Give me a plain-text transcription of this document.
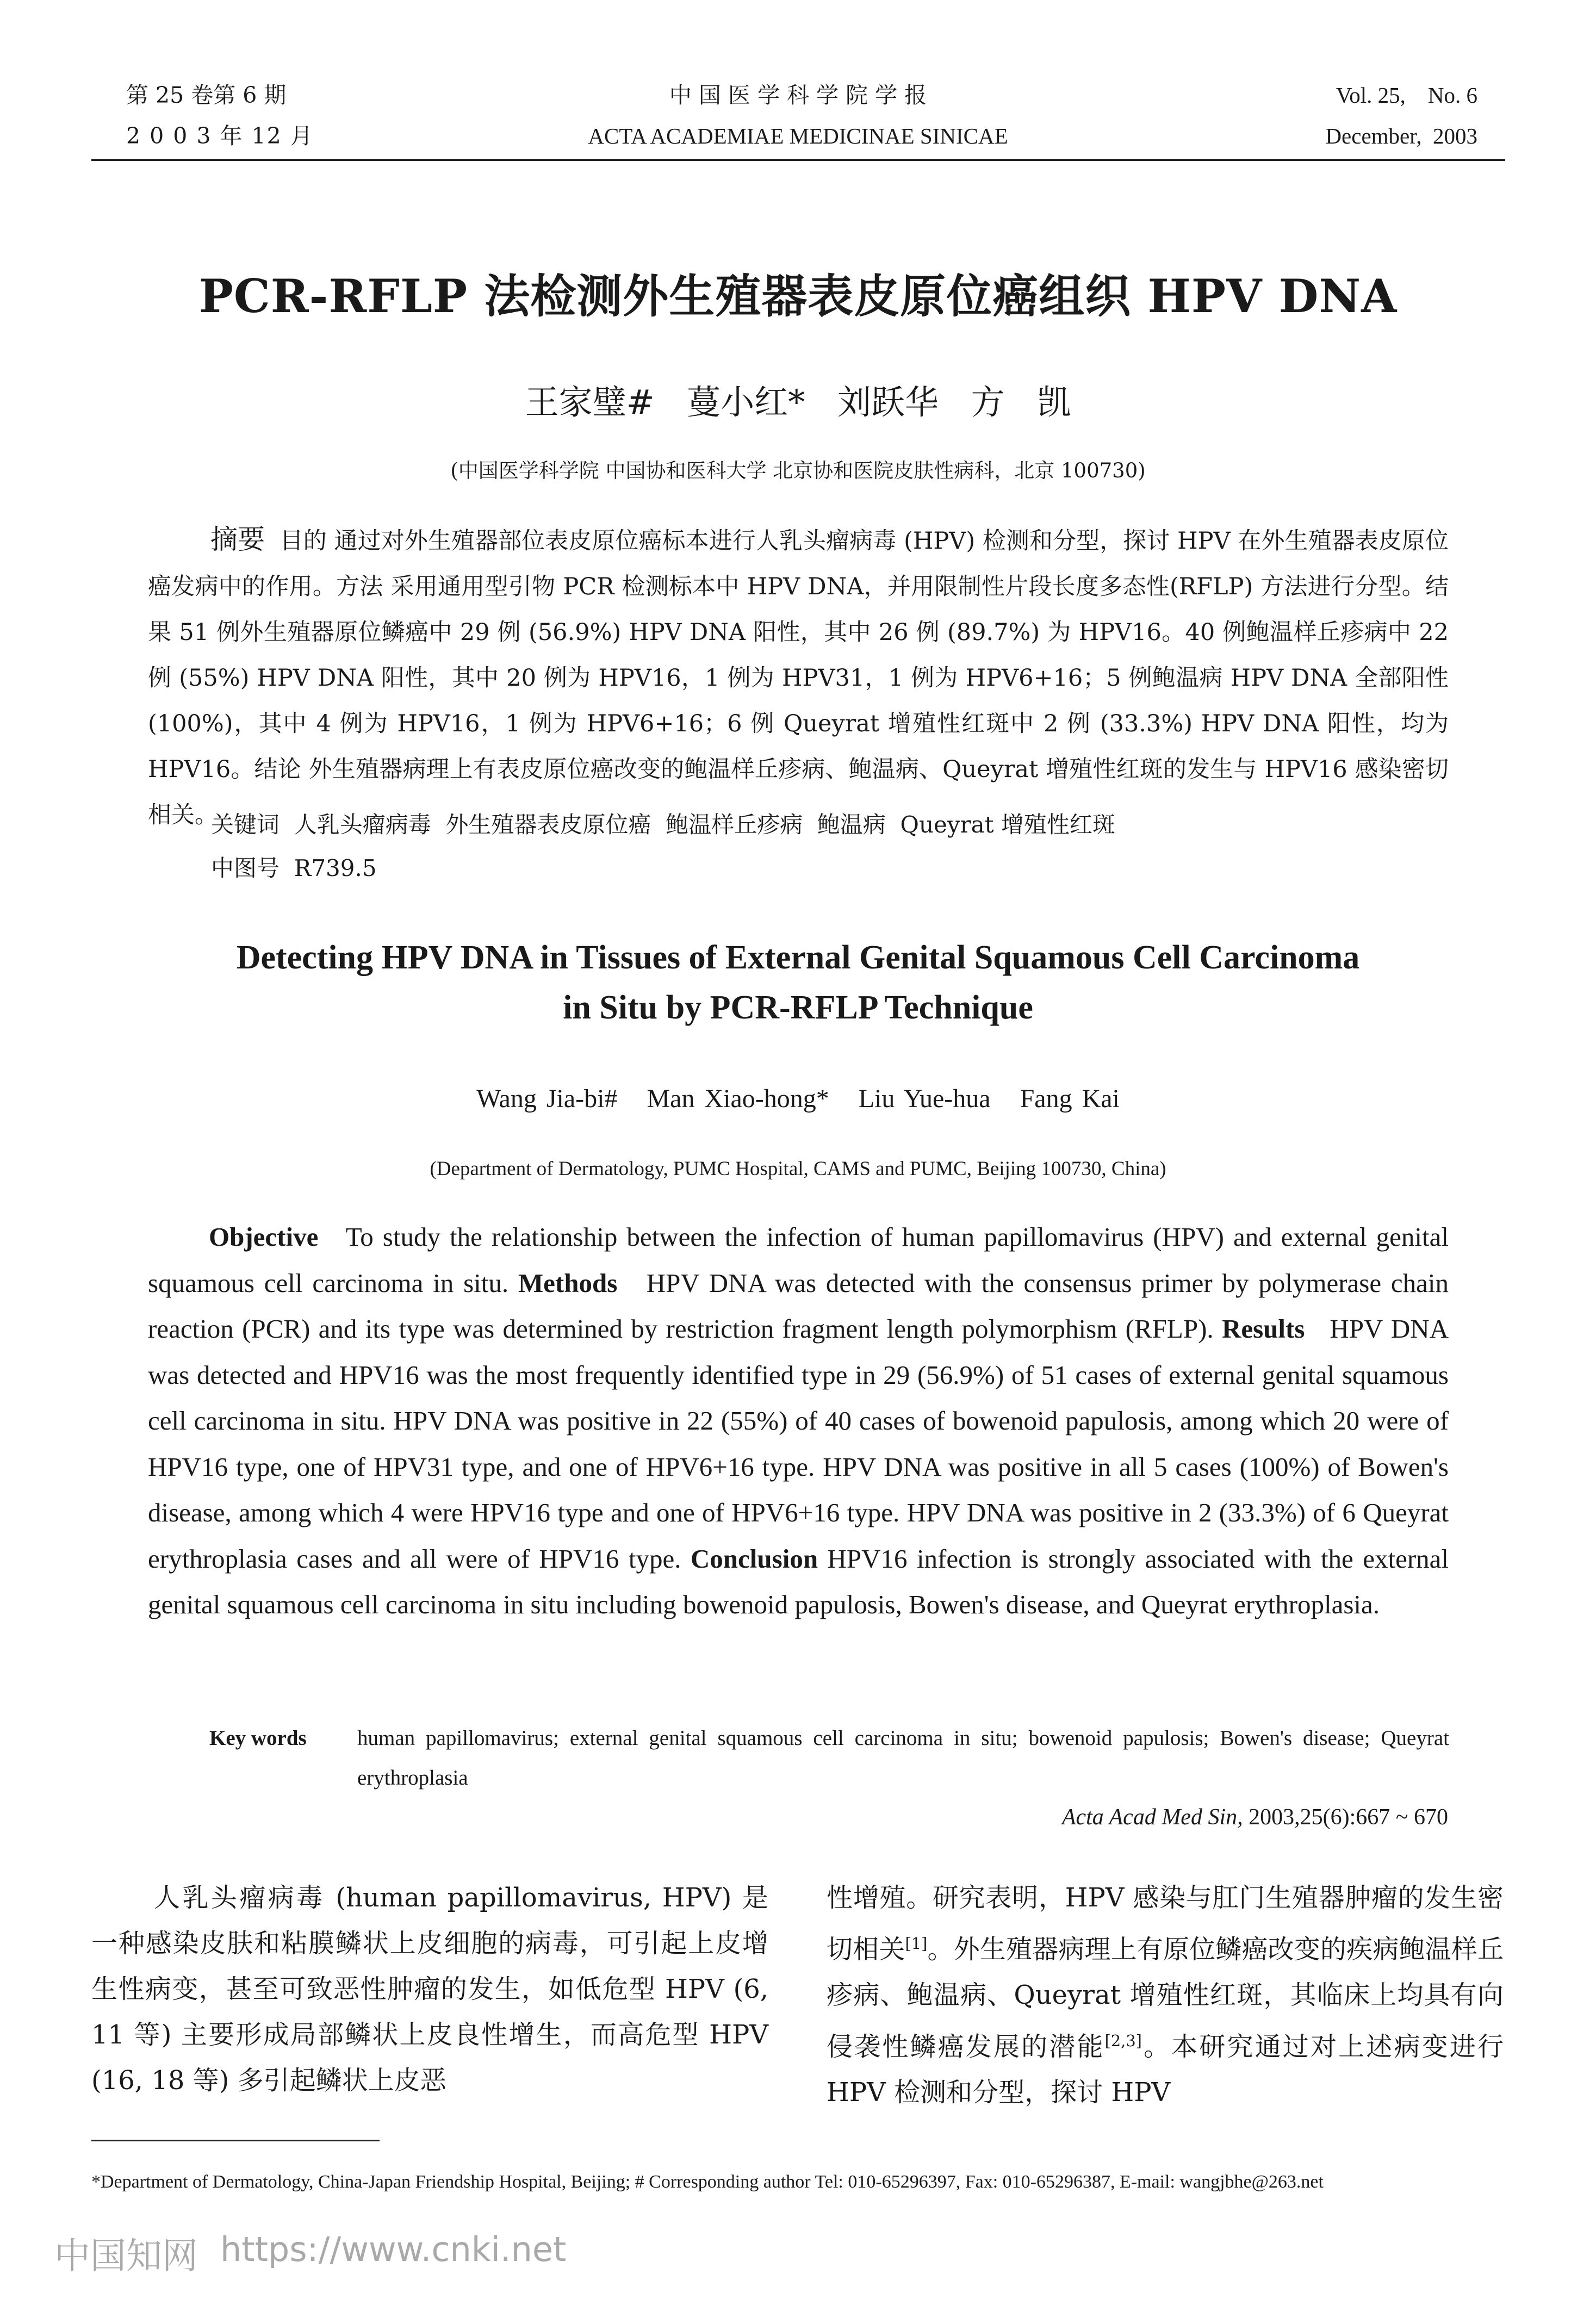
第 25 卷第 6 期
2 0 0 3 年 12 月
中 国 医 学 科 学 院 学 报
ACTA ACADEMIAE MEDICINAE SINICAE
Vol. 25,    No. 6
December,  2003
PCR-RFLP 法检测外生殖器表皮原位癌组织 HPV DNA
王家璧# 蔓小红* 刘跃华 方 凯
(中国医学科学院 中国协和医科大学 北京协和医院皮肤性病科，北京 100730)

摘要 目的 通过对外生殖器部位表皮原位癌标本进行人乳头瘤病毒 (HPV) 检测和分型，探讨 HPV 在外生殖器表皮原位癌发病中的作用。方法 采用通用型引物 PCR 检测标本中 HPV DNA，并用限制性片段长度多态性(RFLP) 方法进行分型。结果 51 例外生殖器原位鳞癌中 29 例 (56.9%) HPV DNA 阳性，其中 26 例 (89.7%) 为 HPV16。40 例鲍温样丘疹病中 22 例 (55%) HPV DNA 阳性，其中 20 例为 HPV16，1 例为 HPV31，1 例为 HPV6+16；5 例鲍温病 HPV DNA 全部阳性 (100%)，其中 4 例为 HPV16，1 例为 HPV6+16；6 例 Queyrat 增殖性红斑中 2 例 (33.3%) HPV DNA 阳性，均为 HPV16。结论 外生殖器病理上有表皮原位癌改变的鲍温样丘疹病、鲍温病、Queyrat 增殖性红斑的发生与 HPV16 感染密切相关。

关键词  人乳头瘤病毒  外生殖器表皮原位癌  鲍温样丘疹病  鲍温病  Queyrat 增殖性红斑
中图号  R739.5
Detecting HPV DNA in Tissues of External Genital Squamous Cell Carcinoma
in Situ by PCR-RFLP Technique
Wang Jia-bi#   Man Xiao-hong*   Liu Yue-hua   Fang Kai
(Department of Dermatology, PUMC Hospital, CAMS and PUMC, Beijing 100730, China)

Objective To study the relationship between the infection of human papillomavirus (HPV) and external genital squamous cell carcinoma in situ. Methods HPV DNA was detected with the consensus primer by polymerase chain reaction (PCR) and its type was determined by restriction fragment length polymorphism (RFLP). Results HPV DNA was detected and HPV16 was the most frequently identified type in 29 (56.9%) of 51 cases of external genital squamous cell carcinoma in situ. HPV DNA was positive in 22 (55%) of 40 cases of bowenoid papulosis, among which 20 were of HPV16 type, one of HPV31 type, and one of HPV6+16 type. HPV DNA was positive in all 5 cases (100%) of Bowen's disease, among which 4 were HPV16 type and one of HPV6+16 type. HPV DNA was positive in 2 (33.3%) of 6 Queyrat erythroplasia cases and all were of HPV16 type. Conclusion HPV16 infection is strongly associated with the external genital squamous cell carcinoma in situ including bowenoid papulosis, Bowen's disease, and Queyrat erythroplasia.

Key words human papillomavirus; external genital squamous cell carcinoma in situ; bowenoid papulosis; Bowen's disease; Queyrat erythroplasia
Acta Acad Med Sin, 2003,25(6):667 ~ 670

人乳头瘤病毒 (human papillomavirus, HPV) 是一种感染皮肤和粘膜鳞状上皮细胞的病毒，可引起上皮增生性病变，甚至可致恶性肿瘤的发生，如低危型 HPV (6, 11 等) 主要形成局部鳞状上皮良性增生，而高危型 HPV (16, 18 等) 多引起鳞状上皮恶

性增殖。研究表明，HPV 感染与肛门生殖器肿瘤的发生密切相关[1]。外生殖器病理上有原位鳞癌改变的疾病鲍温样丘疹病、鲍温病、Queyrat 增殖性红斑，其临床上均具有向侵袭性鳞癌发展的潜能[2,3]。本研究通过对上述病变进行 HPV 检测和分型，探讨 HPV

*Department of Dermatology, China-Japan Friendship Hospital, Beijing; # Corresponding author Tel: 010-65296397, Fax: 010-65296387, E-mail: wangjbhe@263.net
中国知网 https://www.cnki.net
